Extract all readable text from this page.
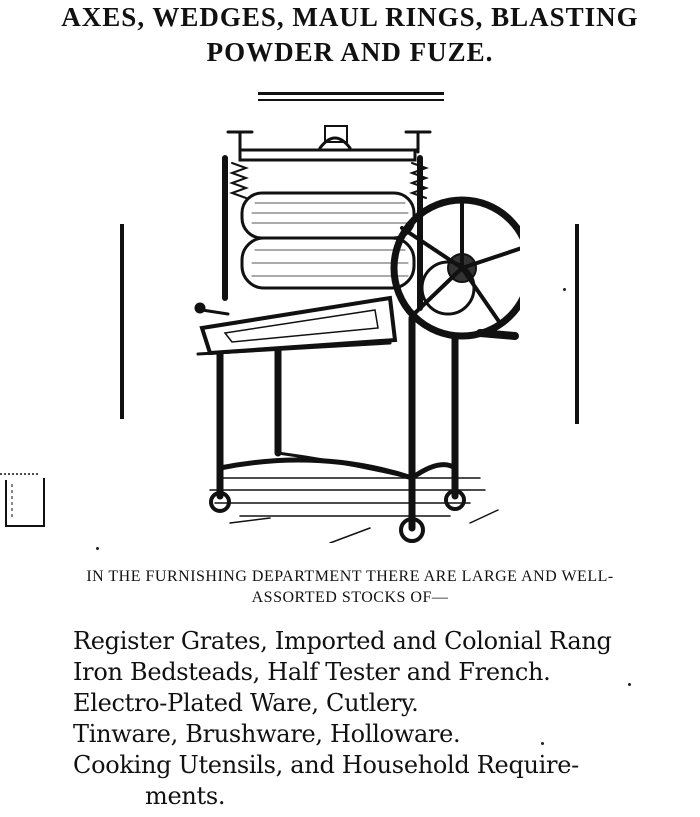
AXES, WEDGES, MAUL RINGS, BLASTING
POWDER AND FUZE.

IN THE FURNISHING DEPARTMENT THERE ARE LARGE AND WELL-

ASSORTED STOCKS OF—

Register Grates, Imported and Colonial Rang
Iron Bedsteads, Half Tester and French.
Electro-Plated Ware, Cutlery.
Tinware, Brushware, Holloware.
Cooking Utensils, and Household Require-
ments.
